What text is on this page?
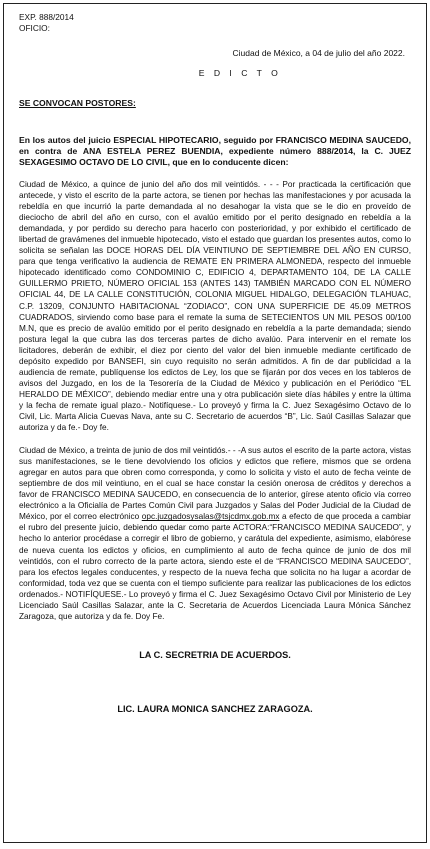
EXP. 888/2014
OFICIO:
Ciudad de México, a 04 de julio del año 2022.
E D I C T O
SE CONVOCAN POSTORES:
En los autos del juicio ESPECIAL HIPOTECARIO, seguido por FRANCISCO MEDINA SAUCEDO, en contra de ANA ESTELA PEREZ BUENDIA, expediente número 888/2014, la C. JUEZ SEXAGESIMO OCTAVO DE LO CIVIL, que en lo conducente dicen:
Ciudad de México, a quince de junio del año dos mil veintidós. - - - Por practicada la certificación que antecede, y visto el escrito de la parte actora, se tienen por hechas las manifestaciones y por acusada la rebeldía en que incurrió la parte demandada al no desahogar la vista que se le dio en proveído de dieciocho de abril del año en curso, con el avalúo emitido por el perito designado en rebeldía a la demandada, y por perdido su derecho para hacerlo con posterioridad, y por exhibido el certificado de libertad de gravámenes del inmueble hipotecado, visto el estado que guardan los presentes autos, como lo solicita se señalan las DOCE HORAS DEL DÍA VEINTIUNO DE SEPTIEMBRE DEL AÑO EN CURSO, para que tenga verificativo la audiencia de REMATE EN PRIMERA ALMONEDA, respecto del inmueble hipotecado identificado como CONDOMINIO C, EDIFICIO 4, DEPARTAMENTO 104, DE LA CALLE GUILLERMO PRIETO, NÚMERO OFICIAL 153 (ANTES 143) TAMBIÉN MARCADO CON EL NÚMERO OFICIAL 44, DE LA CALLE CONSTITUCIÓN, COLONIA MIGUEL HIDALGO, DELEGACIÓN TLAHUAC, C.P. 13209, CONJUNTO HABITACIONAL “ZODIACO”, CON UNA SUPERFICIE DE 45.09 METROS CUADRADOS, sirviendo como base para el remate la suma de SETECIENTOS UN MIL PESOS 00/100 M.N, que es precio de avalúo emitido por el perito designado en rebeldía a la parte demandada; siendo postura legal la que cubra las dos terceras partes de dicho avalúo. Para intervenir en el remate los licitadores, deberán de exhibir, el diez por ciento del valor del bien inmueble mediante certificado de depósito expedido por BANSEFI, sin cuyo requisito no serán admitidos. A fin de dar publicidad a la audiencia de remate, publíquense los edictos de Ley, los que se fijarán por dos veces en los tableros de avisos del Juzgado, en los de la Tesorería de la Ciudad de México y publicación en el Periódico “EL HERALDO DE MÉXICO”, debiendo mediar entre una y otra publicación siete días hábiles y entre la última y la fecha de remate igual plazo.- Notifíquese.- Lo proveyó y firma la C. Juez Sexagésimo Octavo de lo Civil, Lic. Marta Alicia Cuevas Nava, ante su C. Secretario de acuerdos “B”, Lic. Saúl Casillas Salazar que autoriza y da fe.- Doy fe.
Ciudad de México, a treinta de junio de dos mil veintidós.- - -A sus autos el escrito de la parte actora, vistas sus manifestaciones, se le tiene devolviendo los oficios y edictos que refiere, mismos que se ordena agregar en autos para que obren como corresponda, y como lo solicita y visto el auto de fecha veinte de septiembre de dos mil veintiuno, en el cual se hace constar la cesión onerosa de créditos y derechos a favor de FRANCISCO MEDINA SAUCEDO, en consecuencia de lo anterior, gírese atento oficio vía correo electrónico a la Oficialía de Partes Común Civil para Juzgados y Salas del Poder Judicial de la Ciudad de México, por el correo electrónico opc.juzgadosysalas@tsjcdmx.gob.mx a efecto de que proceda a cambiar el rubro del presente juicio, debiendo quedar como parte ACTORA:“FRANCISCO MEDINA SAUCEDO”, y hecho lo anterior procédase a corregir el libro de gobierno, y carátula del expediente, asimismo, elabórese de nueva cuenta los edictos y oficios, en cumplimiento al auto de fecha quince de junio de dos mil veintidós, con el rubro correcto de la parte actora, siendo este el de “FRANCISCO MEDINA SAUCEDO”, para los efectos legales conducentes, y respecto de la nueva fecha que solicita no ha lugar a acordar de conformidad, toda vez que se cuenta con el tiempo suficiente para realizar las publicaciones de los edictos ordenados.- NOTIFÍQUESE.- Lo proveyó y firma el C. Juez Sexagésimo Octavo Civil por Ministerio de Ley Licenciado Saúl Casillas Salazar, ante la C. Secretaria de Acuerdos Licenciada Laura Mónica Sánchez Zaragoza, que autoriza y da fe. Doy Fe.
LA C. SECRETRIA DE ACUERDOS.
LIC. LAURA MONICA SANCHEZ ZARAGOZA.
